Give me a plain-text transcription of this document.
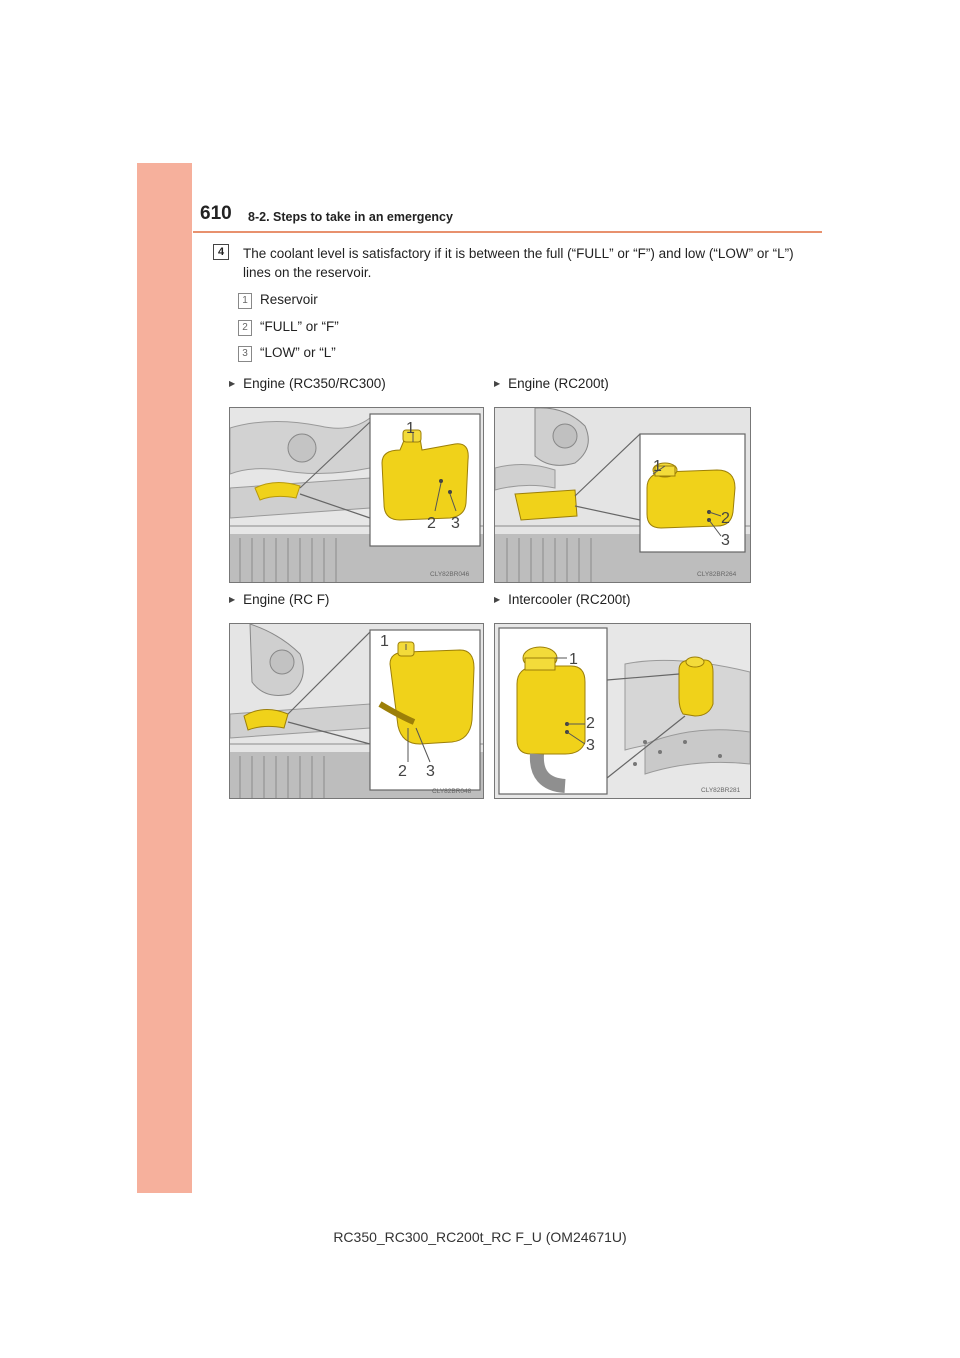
610 8-2. Steps to take in an emergency
4	The coolant level is satisfactory if it is between the full (“FULL” or “F”) and low (“LOW” or “L”) lines on the reservoir.
1 Reservoir
2 “FULL” or “F”
3 “LOW” or “L”
▶ Engine (RC350/RC300)
1
2 3
CLY82BR046
▶ Engine (RC200t)
1
2
3
CLY82BR264
▶ Engine (RC F)
1
2 3
CLY82BR048
▶ Intercooler (RC200t)
1
2
3
CLY82BR281
RC350_RC300_RC200t_RC F_U (OM24671U)
